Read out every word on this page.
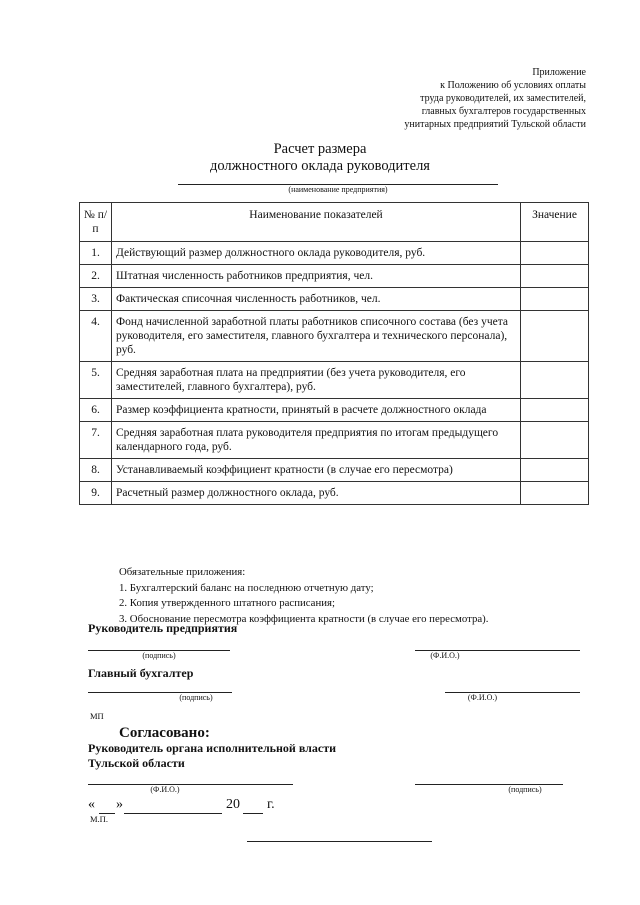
Приложение
к Положению об условиях оплаты
труда руководителей, их заместителей,
главных бухгалтеров государственных
унитарных предприятий Тульской области
Расчет размера
должностного оклада руководителя
(наименование предприятия)
№ п/п	Наименование показателей	Значение
1.	Действующий размер должностного оклада руководителя, руб.	
2.	Штатная численность работников предприятия, чел.	
3.	Фактическая списочная численность работников, чел.	
4.	Фонд начисленной заработной платы работников списочного состава (без учета руководителя, его заместителя, главного бухгалтера и технического персонала), руб.	
5.	Средняя заработная плата на предприятии (без учета руководителя, его заместителей, главного бухгалтера), руб.	
6.	Размер коэффициента кратности, принятый в расчете должностного оклада	
7.	Средняя заработная плата руководителя предприятия по итогам предыдущего календарного года, руб.	
8.	Устанавливаемый коэффициент кратности (в случае его пересмотра)	
9.	Расчетный размер должностного оклада, руб.	
Обязательные приложения:
1. Бухгалтерский баланс на последнюю отчетную дату;
2. Копия утвержденного штатного расписания;
3. Обоснование пересмотра коэффициента кратности (в случае его пересмотра).
Руководитель предприятия
(подпись)	(Ф.И.О.)
Главный бухгалтер
(подпись)	(Ф.И.О.)
МП
Согласовано:
Руководитель органа исполнительной власти
Тульской области
(Ф.И.О.)	(подпись)
« »	20 г.
М.П.
